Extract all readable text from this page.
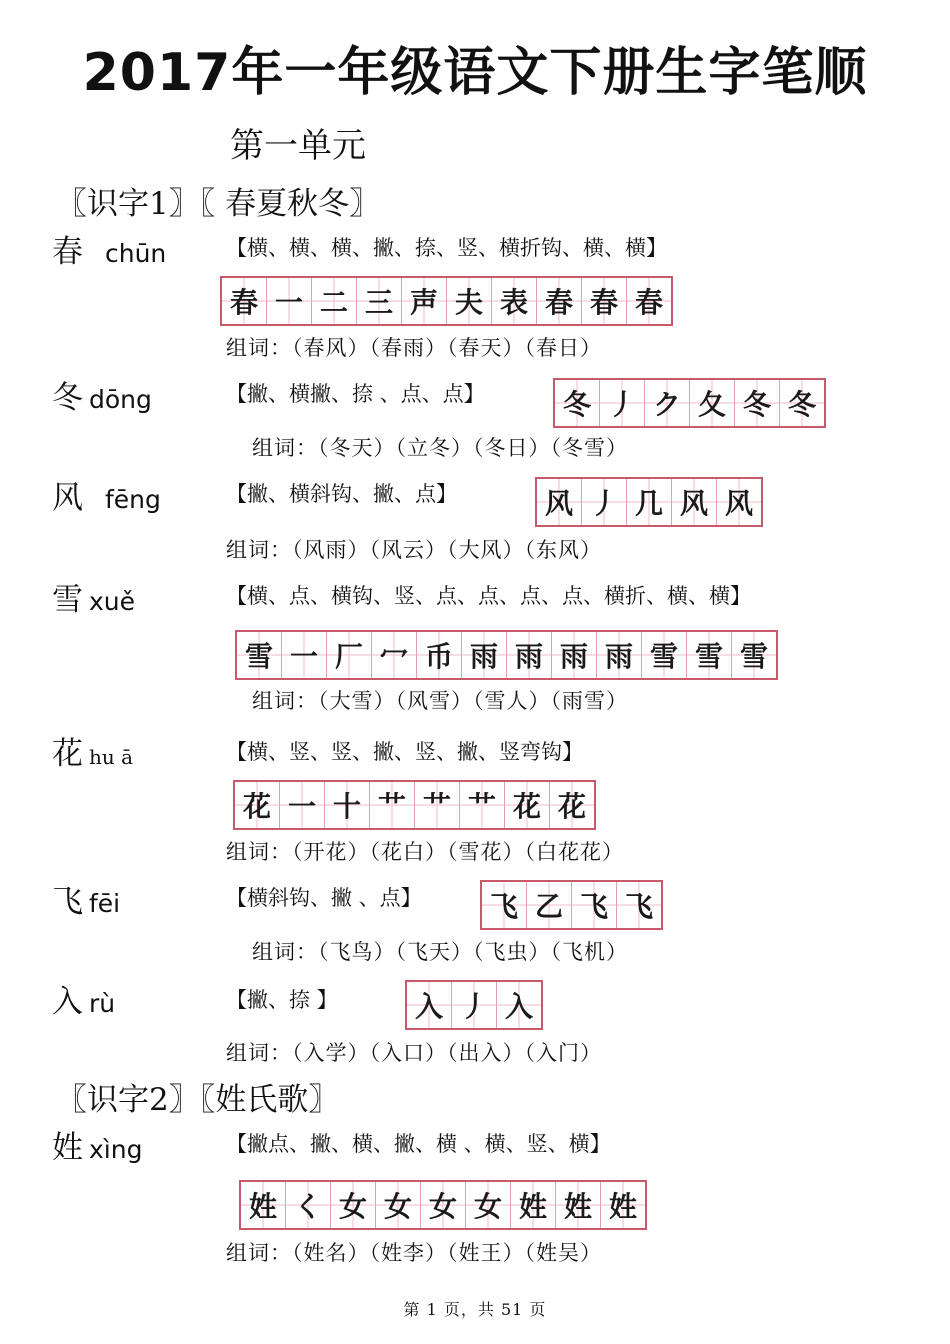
2017年一年级语文下册生字笔顺
第一单元
〖识字1〗〖 春夏秋冬〗
春 chūn	【横、横、横、撇、捺、竖、横折钩、横、横】
春 一 二 三 声 夫 表 春 春 春
组词：（春风）（春雨）（春天）（春日）
冬 dōng	【撇、横撇、捺 、点、点】	冬 丿 ク 夂 冬 冬
组词：（冬天）（立冬）（冬日）（冬雪）
风 fēng	【撇、横斜钩、撇、点】	风 丿 几 风 风
组词：（风雨）（风云）（大风）（东风）
雪 xuě	【横、点、横钩、竖、点、点、点、点、横折、横、横】
雪 一 厂 冖 币 雨 雨 雨 雨 雪 雪 雪
组词：（大雪）（风雪）（雪人）（雨雪）
花hu ā	【横、竖、竖、撇、竖、撇、竖弯钩】
花 一 十 艹 艹 艹 花 花
组词：（开花）（花白）（雪花）（白花花）
飞 fēi	【横斜钩、撇 、点】 飞 乙 飞 飞
组词：（飞鸟）（飞天）（飞虫）（飞机）
入 rù	【撇、捺 】	入 丿 入
组词：（入学）（入口）（出入）（入门）
〖识字2〗〖姓氏歌〗
姓 xìng	【撇点、撇、横、撇、横 、横、竖、横】
姓 く 女 女 女 女 姓 姓 姓
组词：（姓名）（姓李）（姓王）（姓吴）
第 1 页，共 51 页
